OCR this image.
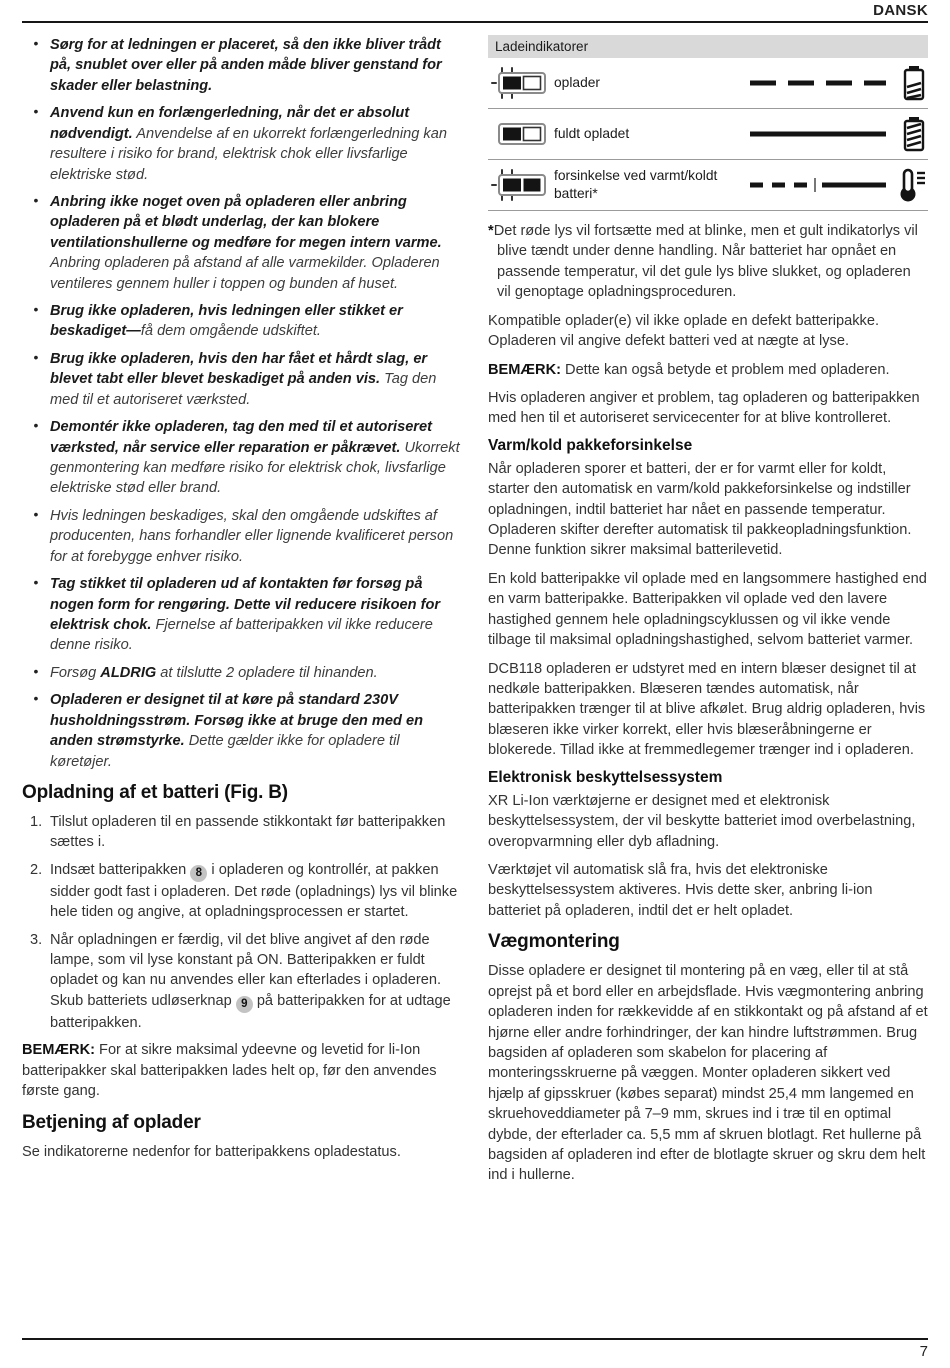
DANSK
• Sørg for at ledningen er placeret, så den ikke bliver trådt på, snublet over eller på anden måde bliver genstand for skader eller belastning.
• Anvend kun en forlængerledning, når det er absolut nødvendigt. Anvendelse af en ukorrekt forlængerledning kan resultere i risiko for brand, elektrisk chok eller livsfarlige elektriske stød.
• Anbring ikke noget oven på opladeren eller anbring opladeren på et blødt underlag, der kan blokere ventilationshullerne og medføre for megen intern varme. Anbring opladeren på afstand af alle varmekilder. Opladeren ventileres gennem huller i toppen og bunden af huset.
• Brug ikke opladeren, hvis ledningen eller stikket er beskadiget—få dem omgående udskiftet.
• Brug ikke opladeren, hvis den har fået et hårdt slag, er blevet tabt eller blevet beskadiget på anden vis. Tag den med til et autoriseret værksted.
• Demontér ikke opladeren, tag den med til et autoriseret værksted, når service eller reparation er påkrævet. Ukorrekt genmontering kan medføre risiko for elektrisk chok, livsfarlige elektriske stød eller brand.
• Hvis ledningen beskadiges, skal den omgående udskiftes af producenten, hans forhandler eller lignende kvalificeret person for at forebygge enhver risiko.
• Tag stikket til opladeren ud af kontakten før forsøg på nogen form for rengøring. Dette vil reducere risikoen for elektrisk chok. Fjernelse af batteripakken vil ikke reducere denne risiko.
• Forsøg ALDRIG at tilslutte 2 opladere til hinanden.
• Opladeren er designet til at køre på standard 230V husholdningsstrøm. Forsøg ikke at bruge den med en anden strømstyrke. Dette gælder ikke for opladere til køretøjer.
Opladning af et batteri (Fig. B)
1. Tilslut opladeren til en passende stikkontakt før batteripakken sættes i.
2. Indsæt batteripakken 8 i opladeren og kontrollér, at pakken sidder godt fast i opladeren. Det røde (opladnings) lys vil blinke hele tiden og angive, at opladningsprocessen er startet.
3. Når opladningen er færdig, vil det blive angivet af den røde lampe, som vil lyse konstant på ON. Batteripakken er fuldt opladet og kan nu anvendes eller kan efterlades i opladeren. Skub batteriets udløserknap 9 på batteripakken for at udtage batteripakken.
BEMÆRK: For at sikre maksimal ydeevne og levetid for li-Ion batteripakker skal batteripakken lades helt op, før den anvendes første gang.
Betjening af oplader
Se indikatorerne nedenfor for batteripakkens opladestatus.
Ladeindikatorer
oplader
fuldt opladet
forsinkelse ved varmt/koldt batteri*
*Det røde lys vil fortsætte med at blinke, men et gult indikatorlys vil blive tændt under denne handling. Når batteriet har opnået en passende temperatur, vil det gule lys blive slukket, og opladeren vil genoptage opladningsproceduren.
Kompatible oplader(e) vil ikke oplade en defekt batteripakke. Opladeren vil angive defekt batteri ved at nægte at lyse.
BEMÆRK: Dette kan også betyde et problem med opladeren.
Hvis opladeren angiver et problem, tag opladeren og batteripakken med hen til et autoriseret servicecenter for at blive kontrolleret.
Varm/kold pakkeforsinkelse
Når opladeren sporer et batteri, der er for varmt eller for koldt, starter den automatisk en varm/kold pakkeforsinkelse og indstiller opladningen, indtil batteriet har nået en passende temperatur. Opladeren skifter derefter automatisk til pakkeopladningsfunktion. Denne funktion sikrer maksimal batterilevetid.
En kold batteripakke vil oplade med en langsommere hastighed end en varm batteripakke. Batteripakken vil oplade ved den lavere hastighed gennem hele opladningscyklussen og vil ikke vende tilbage til maksimal opladningshastighed, selvom batteriet varmer.
DCB118 opladeren er udstyret med en intern blæser designet til at nedkøle batteripakken. Blæseren tændes automatisk, når batteripakken trænger til at blive afkølet. Brug aldrig opladeren, hvis blæseren ikke virker korrekt, eller hvis blæseråbningerne er blokerede. Tillad ikke at fremmedlegemer trænger ind i opladeren.
Elektronisk beskyttelsessystem
XR Li-Ion værktøjerne er designet med et elektronisk beskyttelsessystem, der vil beskytte batteriet imod overbelastning, overopvarmning eller dyb afladning.
Værktøjet vil automatisk slå fra, hvis det elektroniske beskyttelsessystem aktiveres. Hvis dette sker, anbring li-ion batteriet på opladeren, indtil det er helt opladet.
Vægmontering
Disse opladere er designet til montering på en væg, eller til at stå oprejst på et bord eller en arbejdsflade. Hvis vægmontering anbring opladeren inden for rækkevidde af en stikkontakt og på afstand af et hjørne eller andre forhindringer, der kan hindre luftstrømmen. Brug bagsiden af opladeren som skabelon for placering af monteringsskruerne på væggen. Monter opladeren sikkert ved hjælp af gipsskruer (købes separat) mindst 25,4 mm langemed en skruehoveddiameter på 7–9 mm, skrues ind i træ til en optimal dybde, der efterlader ca. 5,5 mm af skruen blotlagt. Ret hullerne på bagsiden af opladeren ind efter de blotlagte skruer og skru dem helt ind i hullerne.
7
